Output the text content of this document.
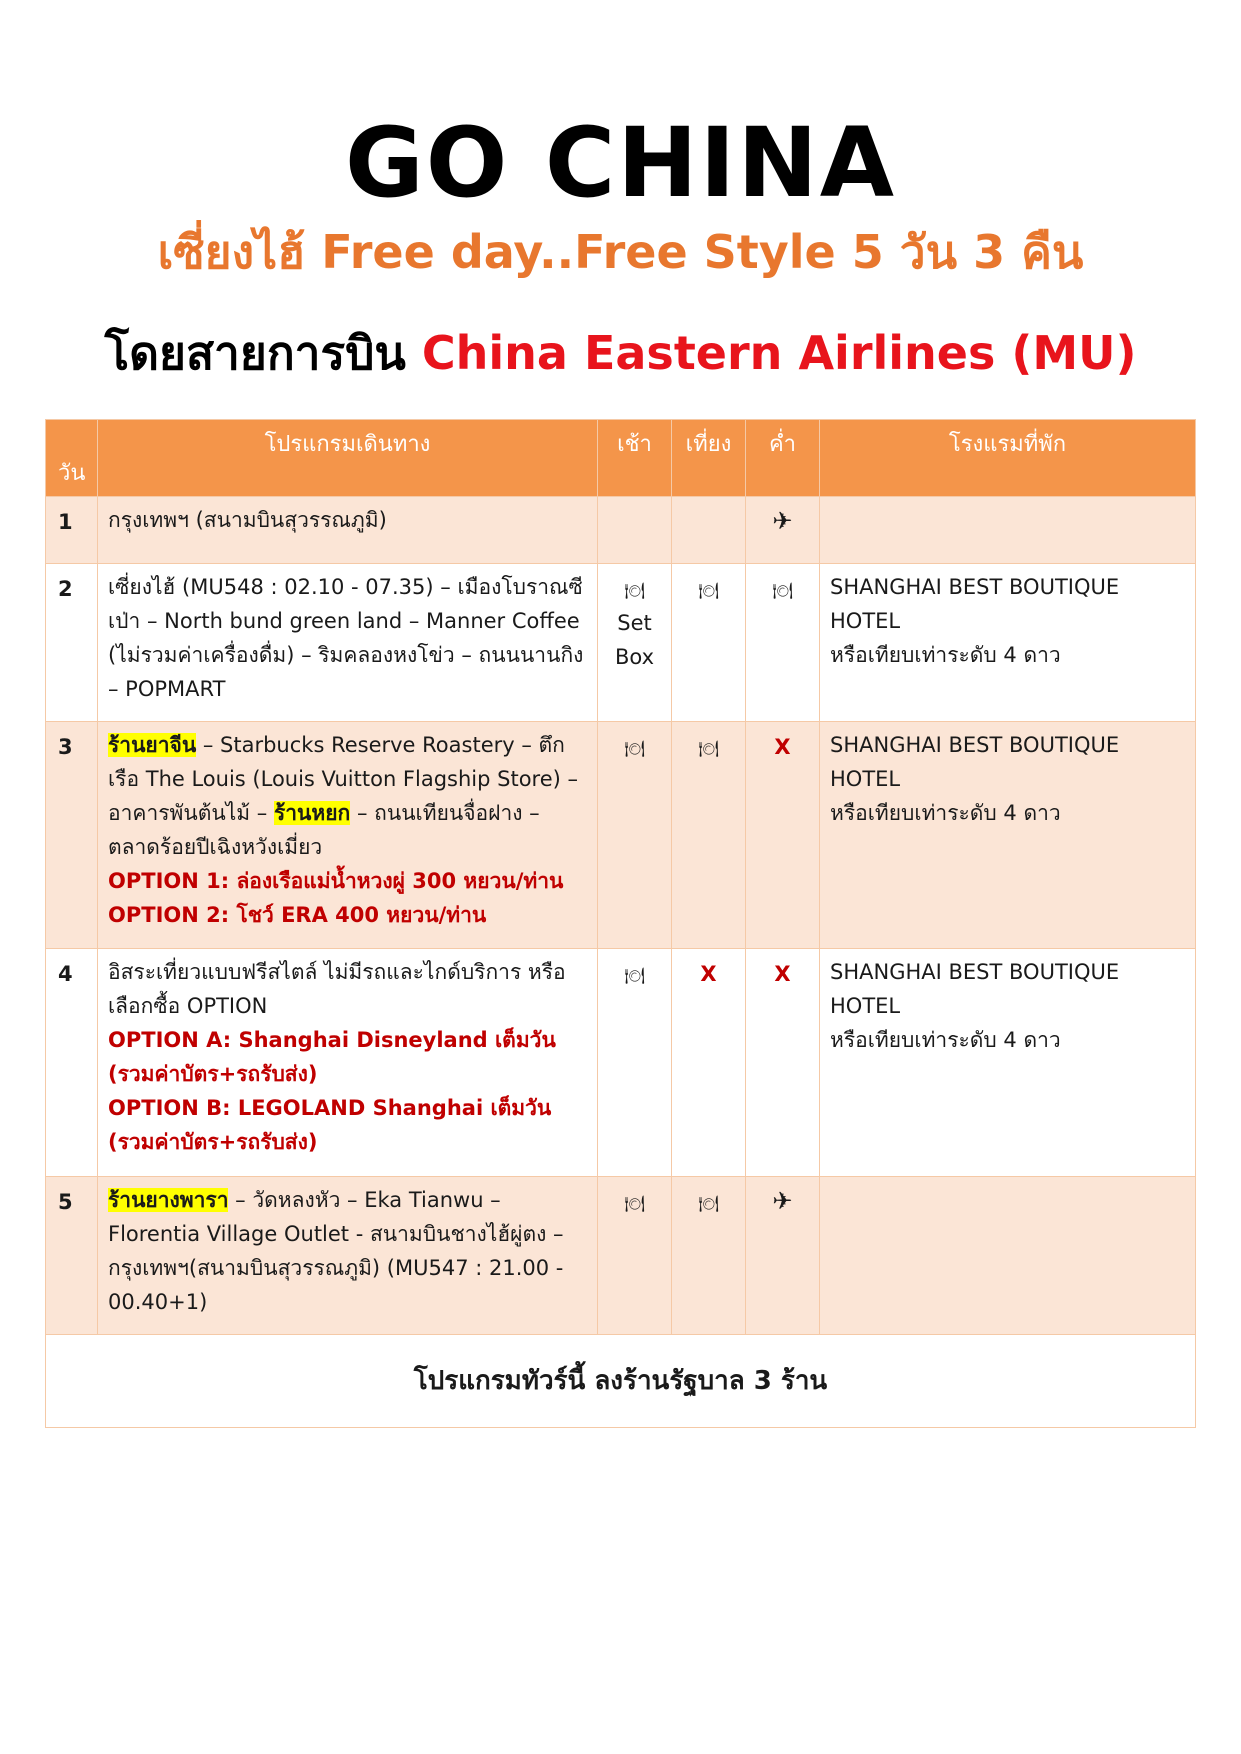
GO CHINA
เซี่ยงไฮ้ Free day..Free Style 5 วัน 3 คืน
โดยสายการบิน China Eastern Airlines (MU)
วัน	โปรแกรมเดินทาง	เช้า	เที่ยง	ค่ำ	โรงแรมที่พัก

1	กรุงเทพฯ (สนามบินสุวรรณภูมิ)			✈	

2	เซี่ยงไฮ้ (MU548 : 02.10 - 07.35) – เมืองโบราณซีเป่า – North bund green land – Manner Coffee (ไม่รวมค่าเครื่องดื่ม) – ริมคลองหงโข่ว – ถนนนานกิง – POPMART	🍽
Set Box	🍽	🍽	SHANGHAI BEST BOUTIQUE HOTEL
หรือเทียบเท่าระดับ 4 ดาว
3	ร้านยาจีน – Starbucks Reserve Roastery – ตึกเรือ The Louis (Louis Vuitton Flagship Store) – อาคารพันต้นไม้ – ร้านหยก – ถนนเทียนจื่อฝาง – ตลาดร้อยปีเฉิงหวังเมี่ยว
OPTION 1: ล่องเรือแม่น้ำหวงผู่ 300 หยวน/ท่าน
OPTION 2: โชว์ ERA 400 หยวน/ท่าน	🍽	🍽	X	SHANGHAI BEST BOUTIQUE HOTEL
หรือเทียบเท่าระดับ 4 ดาว
4	อิสระเที่ยวแบบฟรีสไตล์ ไม่มีรถและไกด์บริการ หรือเลือกซื้อ OPTION
OPTION A: Shanghai Disneyland เต็มวัน
(รวมค่าบัตร+รถรับส่ง)
OPTION B: LEGOLAND Shanghai เต็มวัน
(รวมค่าบัตร+รถรับส่ง)	🍽	X	X	SHANGHAI BEST BOUTIQUE HOTEL
หรือเทียบเท่าระดับ 4 ดาว
5	ร้านยางพารา – วัดหลงหัว – Eka Tianwu – Florentia Village Outlet - สนามบินชางไฮ้ผู่ตง – กรุงเทพฯ(สนามบินสุวรรณภูมิ) (MU547 : 21.00 - 00.40+1)	🍽	🍽	✈	

โปรแกรมทัวร์นี้ ลงร้านรัฐบาล 3 ร้าน					
